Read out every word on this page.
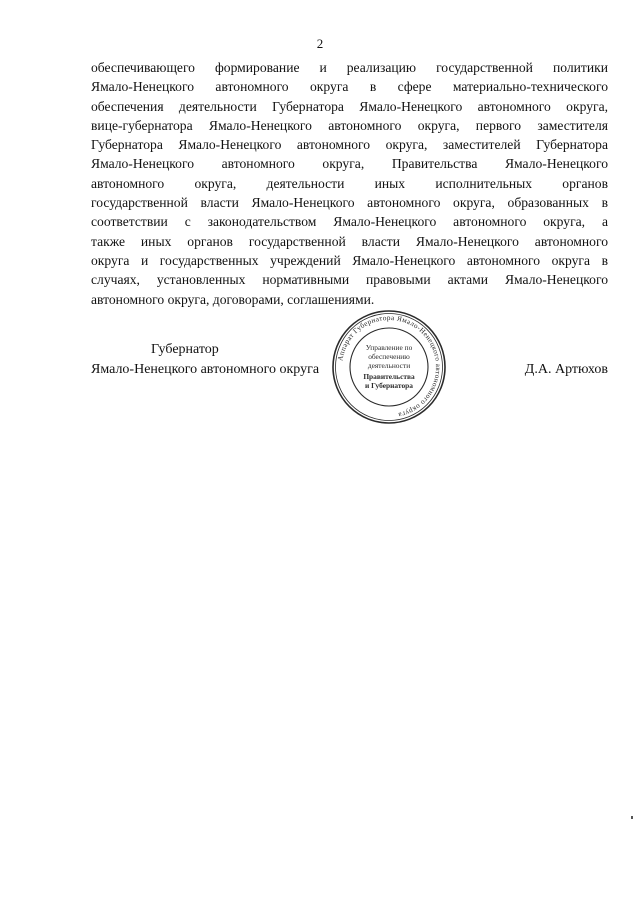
2
обеспечивающего формирование и реализацию государственной политики
Ямало-Ненецкого автономного округа в сфере материально-технического
обеспечения деятельности Губернатора Ямало-Ненецкого автономного округа,
вице-губернатора Ямало-Ненецкого автономного округа, первого заместителя
Губернатора Ямало-Ненецкого автономного округа, заместителей Губернатора
Ямало-Ненецкого автономного округа, Правительства Ямало-Ненецкого
автономного округа, деятельности иных исполнительных органов
государственной власти Ямало-Ненецкого автономного округа, образованных в
соответствии с законодательством Ямало-Ненецкого автономного округа, а
также иных органов государственной власти Ямало-Ненецкого автономного
округа и государственных учреждений Ямало-Ненецкого автономного округа в
случаях, установленных нормативными правовыми актами Ямало-Ненецкого
автономного округа, договорами, соглашениями.
Губернатор
Ямало-Ненецкого автономного округа	Д.А. Артюхов
Аппарат Губернатора Ямало-Ненецкого автономного округа
Управление по
обеспечению
деятельности
Правительства
и Губернатора
